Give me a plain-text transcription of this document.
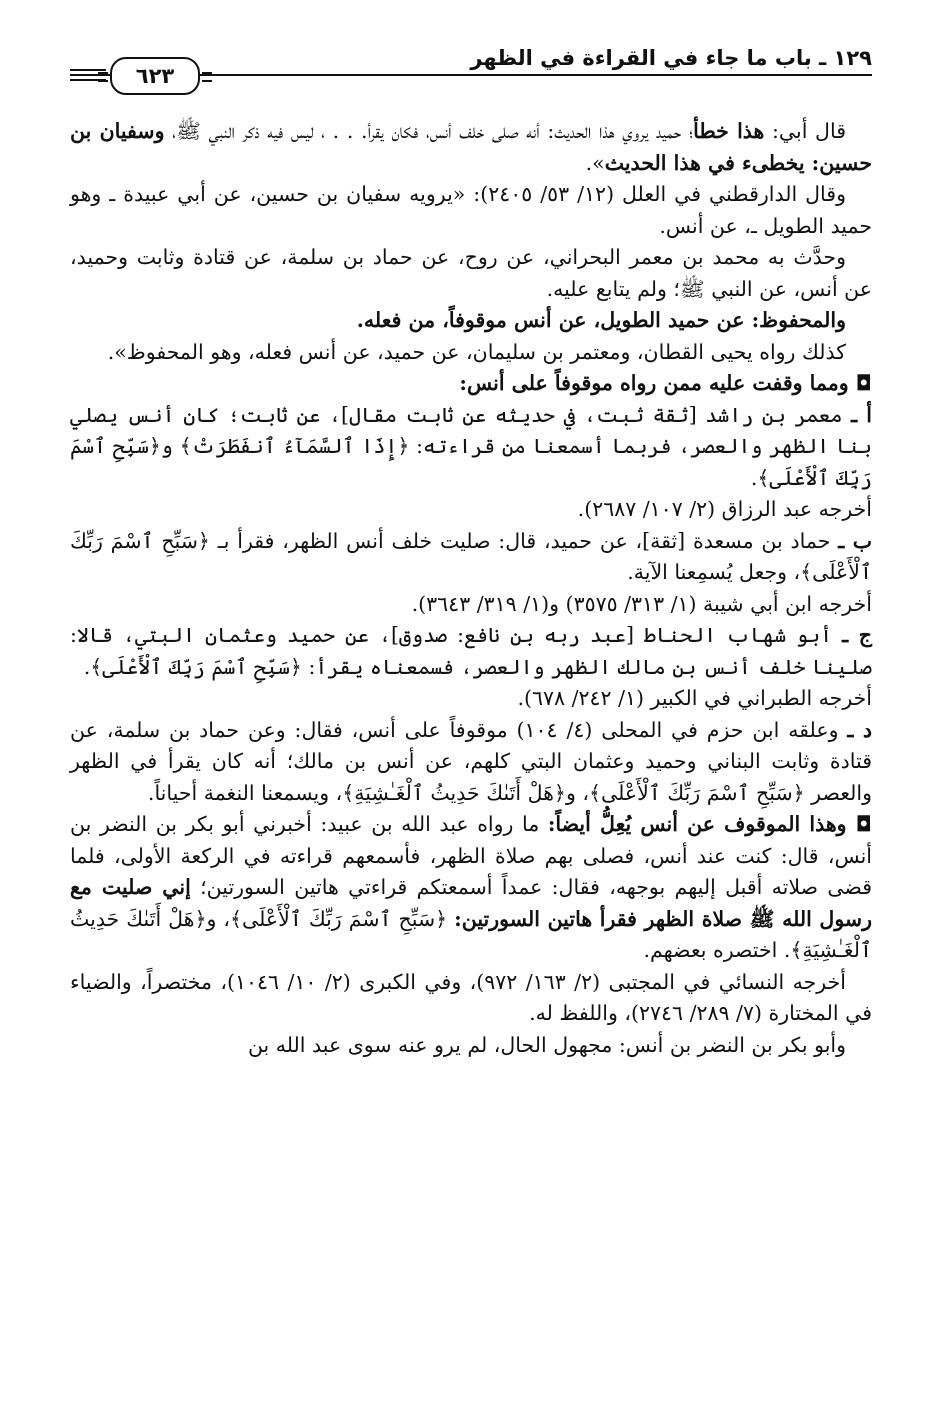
١٢٩ ـ باب ما جاء في القراءة في الظهر
٦٢٣

قال أبي: هذا خطأ؛ حميد يروي هذا الحديث: أنه صلى خلف أنس، فكان يقرأ. . . ، ليس فيه ذكر النبي ﷺ، وسفيان بن حسين: يخطىء في هذا الحديث».

وقال الدارقطني في العلل (١٢/ ٥٣/ ٢٤٠٥): «يرويه سفيان بن حسين، عن أبي عبيدة ـ وهو حميد الطويل ـ، عن أنس.

وحدَّث به محمد بن معمر البحراني، عن روح، عن حماد بن سلمة، عن قتادة وثابت وحميد، عن أنس، عن النبي ﷺ؛ ولم يتابع عليه.

والمحفوظ: عن حميد الطويل، عن أنس موقوفاً، من فعله.

كذلك رواه يحيى القطان، ومعتمر بن سليمان، عن حميد، عن أنس فعله، وهو المحفوظ».

◘ ومما وقفت عليه ممن رواه موقوفاً على أنس:

أ ـ معمر بن راشد [ثقة ثبت، في حديثه عن ثابت مقال]، عن ثابت؛ كان أنس يصلي بنا الظهر والعصر، فربما أسمعنا من قراءته: ﴿إِذَا ٱلسَّمَآءُ ٱنفَطَرَتْ﴾ و﴿سَبِّحِ ٱسْمَ رَبِّكَ ٱلْأَعْلَى﴾.

أخرجه عبد الرزاق (٢/ ١٠٧/ ٢٦٨٧).

ب ـ حماد بن مسعدة [ثقة]، عن حميد، قال: صليت خلف أنس الظهر، فقرأ بـ ﴿سَبِّحِ ٱسْمَ رَبِّكَ ٱلْأَعْلَى﴾، وجعل يُسمِعنا الآية.

أخرجه ابن أبي شيبة (١/ ٣١٣/ ٣٥٧٥) و(١/ ٣١٩/ ٣٦٤٣).

ج ـ أبو شهاب الحناط [عبد ربه بن نافع: صدوق]، عن حميد وعثمان البتي، قالا: صلينا خلف أنس بن مالك الظهر والعصر، فسمعناه يقرأ: ﴿سَبِّحِ ٱسْمَ رَبِّكَ ٱلْأَعْلَى﴾.

أخرجه الطبراني في الكبير (١/ ٢٤٢/ ٦٧٨).

د ـ وعلقه ابن حزم في المحلى (٤/ ١٠٤) موقوفاً على أنس، فقال: وعن حماد بن سلمة، عن قتادة وثابت البناني وحميد وعثمان البتي كلهم، عن أنس بن مالك؛ أنه كان يقرأ في الظهر والعصر ﴿سَبِّحِ ٱسْمَ رَبِّكَ ٱلْأَعْلَى﴾، و﴿هَلْ أَتَىٰكَ حَدِيثُ ٱلْغَـٰشِيَةِ﴾، ويسمعنا النغمة أحياناً.

◘ وهذا الموقوف عن أنس يُعِلُّ أيضاً: ما رواه عبد الله بن عبيد: أخبرني أبو بكر بن النضر بن أنس، قال: كنت عند أنس، فصلى بهم صلاة الظهر، فأسمعهم قراءته في الركعة الأولى، فلما قضى صلاته أقبل إليهم بوجهه، فقال: عمداً أسمعتكم قراءتي هاتين السورتين؛ إني صليت مع رسول الله ﷺ صلاة الظهر فقرأ هاتين السورتين: ﴿سَبِّحِ ٱسْمَ رَبِّكَ ٱلْأَعْلَى﴾، و﴿هَلْ أَتَىٰكَ حَدِيثُ ٱلْغَـٰشِيَةِ﴾. اختصره بعضهم.

أخرجه النسائي في المجتبى (٢/ ١٦٣/ ٩٧٢)، وفي الكبرى (٢/ ١٠/ ١٠٤٦)، مختصراً، والضياء في المختارة (٧/ ٢٨٩/ ٢٧٤٦)، واللفظ له.

وأبو بكر بن النضر بن أنس: مجهول الحال، لم يرو عنه سوى عبد الله بن
